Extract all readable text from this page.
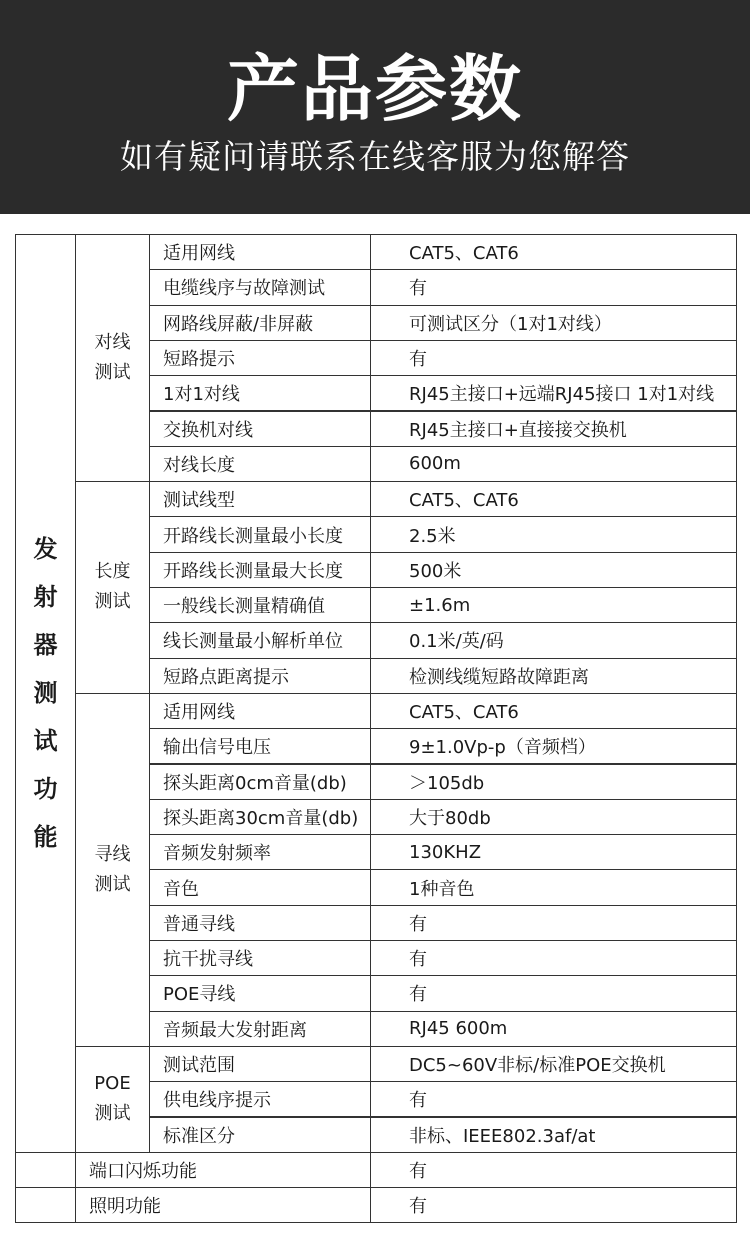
产品参数
如有疑问请联系在线客服为您解答
发射器测试功能
对线测试
适用网线	CAT5、CAT6
电缆线序与故障测试	有
网路线屏蔽/非屏蔽	可测试区分（1对1对线）
短路提示	有
1对1对线	RJ45主接口+远端RJ45接口 1对1对线
交换机对线	RJ45主接口+直接接交换机
对线长度	600m
长度测试
测试线型	CAT5、CAT6
开路线长测量最小长度	2.5米
开路线长测量最大长度	500米
一般线长测量精确值	±1.6m
线长测量最小解析单位	0.1米/英/码
短路点距离提示	检测线缆短路故障距离
寻线测试
适用网线	CAT5、CAT6
输出信号电压	9±1.0Vp-p（音频档）
探头距离0cm音量(db)	＞105db
探头距离30cm音量(db)	大于80db
音频发射频率	130KHZ
音色	1种音色
普通寻线	有
抗干扰寻线	有
POE寻线	有
音频最大发射距离	RJ45 600m
POE测试
测试范围	DC5~60V非标/标准POE交换机
供电线序提示	有
标准区分	非标、IEEE802.3af/at
端口闪烁功能	有
照明功能	有
